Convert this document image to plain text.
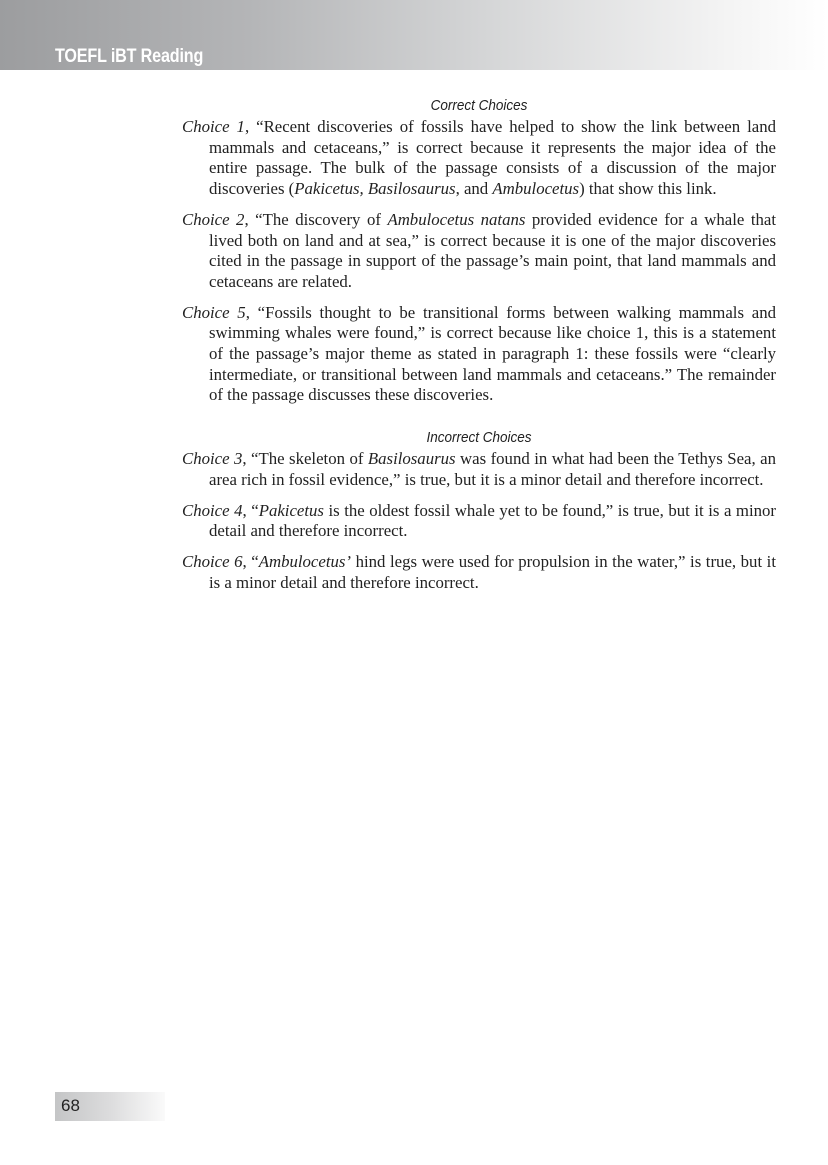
TOEFL iBT Reading
Correct Choices

Choice 1, “Recent discoveries of fossils have helped to show the link between land mammals and cetaceans,” is correct because it represents the major idea of the entire passage. The bulk of the passage consists of a discussion of the major discoveries (Pakicetus, Basilosaurus, and Ambulocetus) that show this link.

Choice 2, “The discovery of Ambulocetus natans provided evidence for a whale that lived both on land and at sea,” is correct because it is one of the major discoveries cited in the passage in support of the passage’s main point, that land mammals and cetaceans are related.

Choice 5, “Fossils thought to be transitional forms between walking mammals and swimming whales were found,” is correct because like choice 1, this is a statement of the passage’s major theme as stated in paragraph 1: these fossils were “clearly intermediate, or transitional between land mammals and cetaceans.” The remainder of the passage discusses these discoveries.

Incorrect Choices

Choice 3, “The skeleton of Basilosaurus was found in what had been the Tethys Sea, an area rich in fossil evidence,” is true, but it is a minor detail and therefore incorrect.

Choice 4, “Pakicetus is the oldest fossil whale yet to be found,” is true, but it is a minor detail and therefore incorrect.

Choice 6, “Ambulocetus’ hind legs were used for propulsion in the water,” is true, but it is a minor detail and therefore incorrect.

68
